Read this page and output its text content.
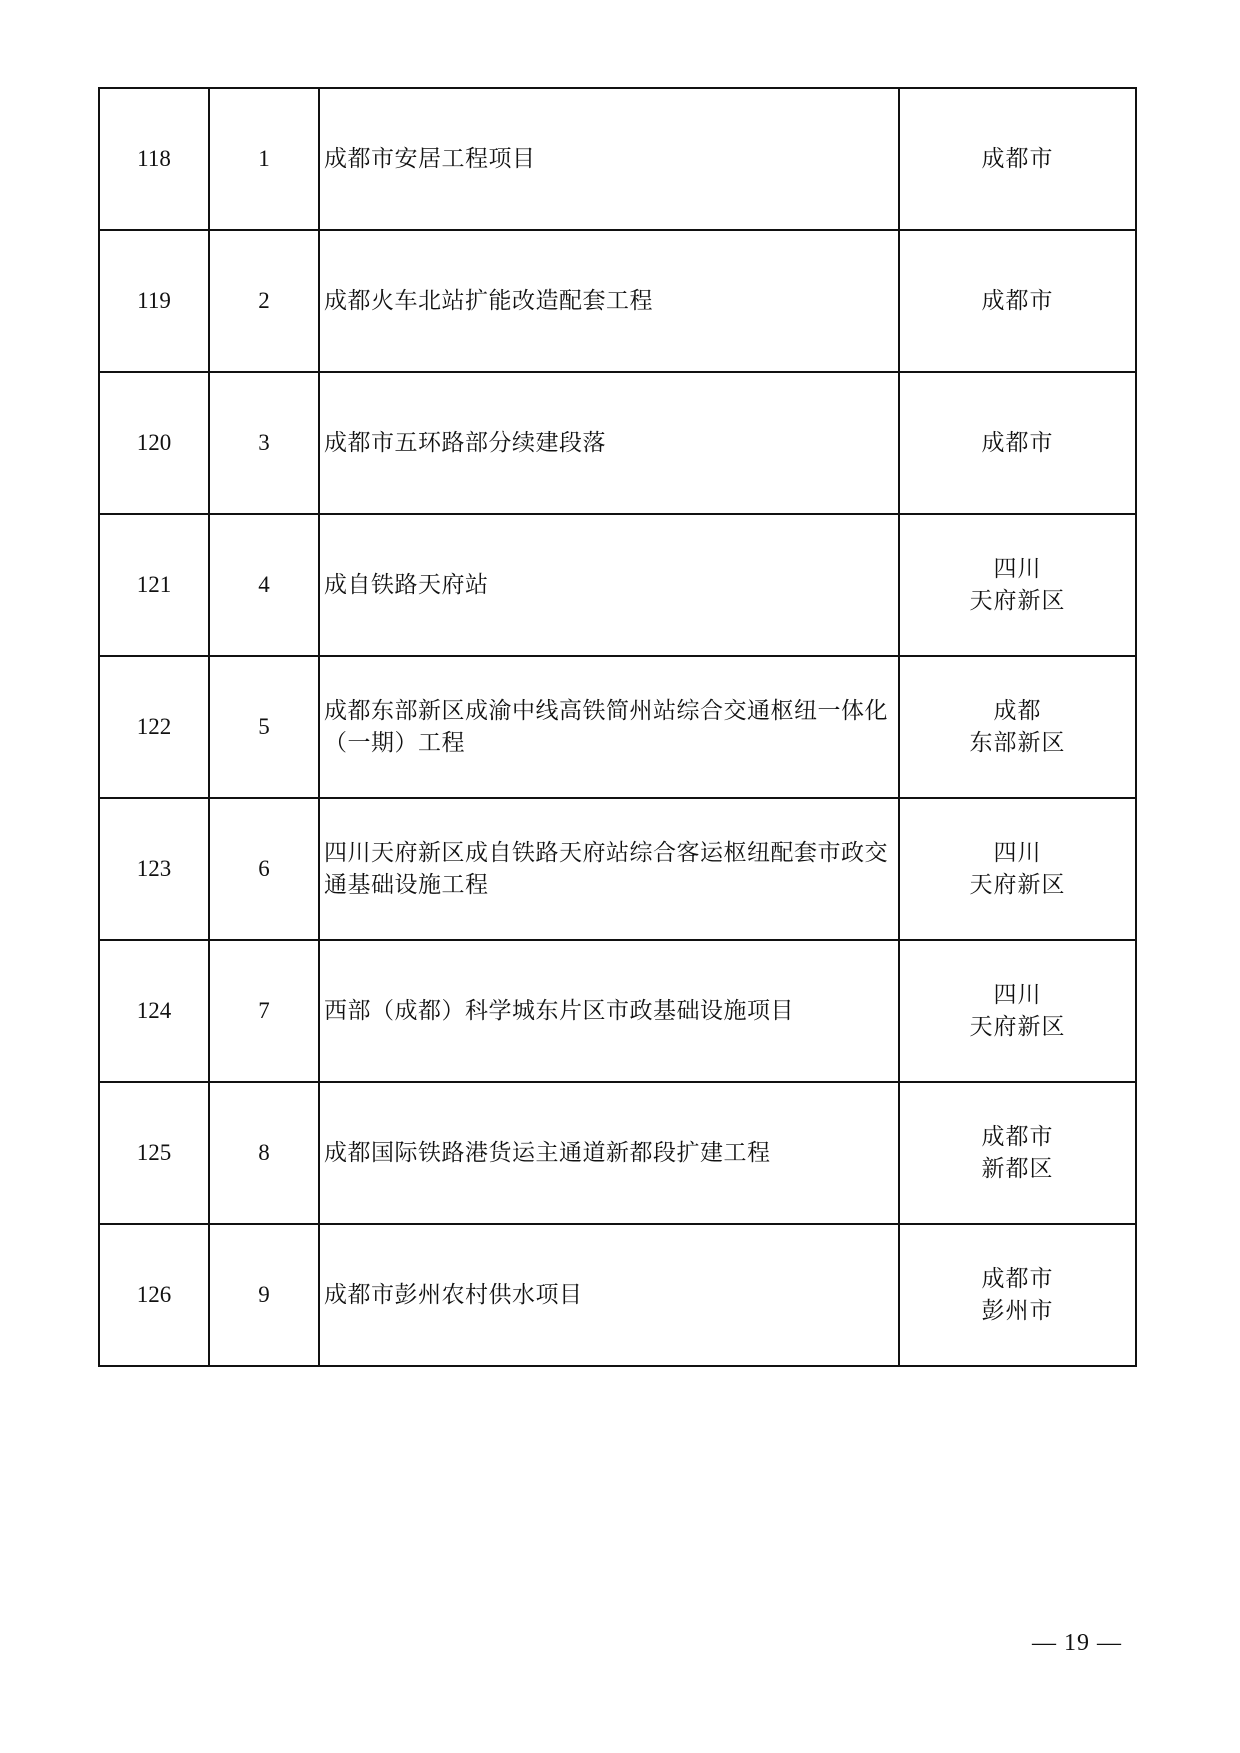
118	1	成都市安居工程项目	成都市

119	2	成都火车北站扩能改造配套工程	成都市

120	3	成都市五环路部分续建段落	成都市

121	4	成自铁路天府站	四川
天府新区

122	5	成都东部新区成渝中线高铁简州站综合交通枢纽一体化（一期）工程	成都
东部新区

123	6	四川天府新区成自铁路天府站综合客运枢纽配套市政交通基础设施工程	四川
天府新区

124	7	西部（成都）科学城东片区市政基础设施项目	四川
天府新区

125	8	成都国际铁路港货运主通道新都段扩建工程	成都市
新都区

126	9	成都市彭州农村供水项目	成都市
彭州市
— 19 —
